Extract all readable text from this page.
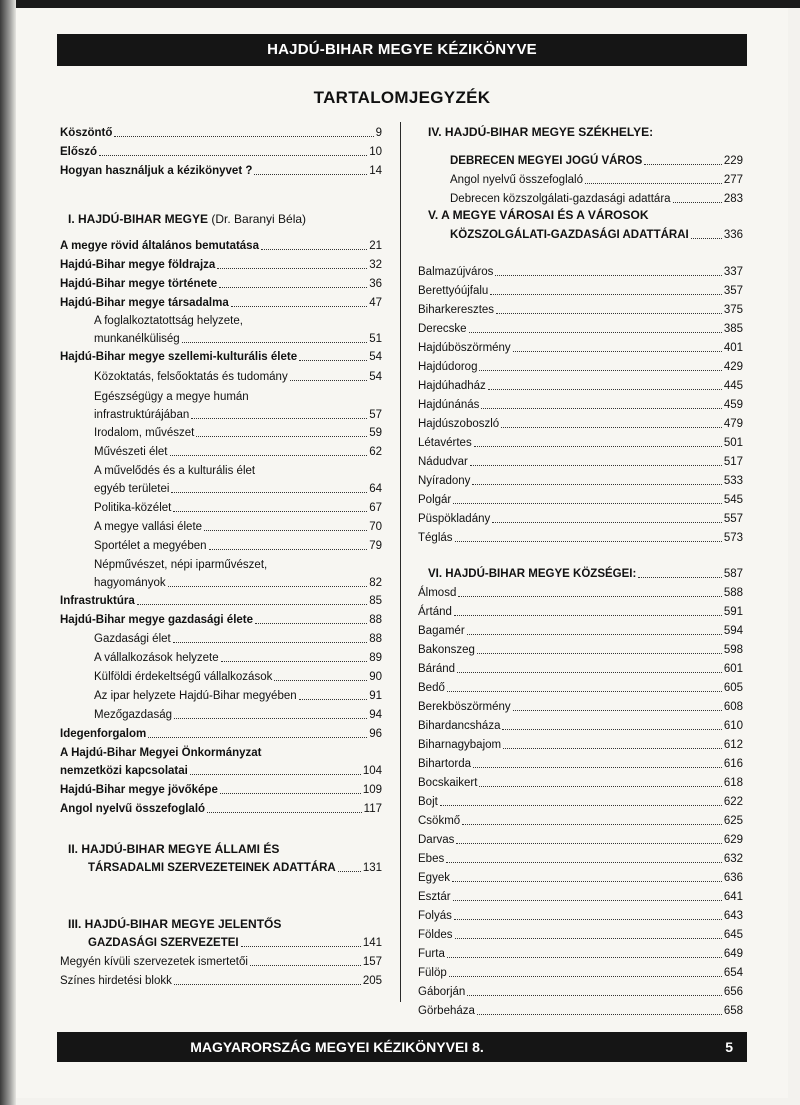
HAJDÚ-BIHAR MEGYE KÉZIKÖNYVE
TARTALOMJEGYZÉK
Köszöntő	9
Előszó	10
Hogyan használjuk a kézikönyvet ?	14
I. HAJDÚ-BIHAR MEGYE (Dr. Baranyi Béla)
A megye rövid általános bemutatása	21
Hajdú-Bihar megye földrajza	32
Hajdú-Bihar megye története	36
Hajdú-Bihar megye társadalma	47
A foglalkoztatottság helyzete,
munkanélküliség	51
Hajdú-Bihar megye szellemi-kulturális élete	54
Közoktatás, felsőoktatás és tudomány	54
Egészségügy a megye humán
infrastruktúrájában	57
Irodalom, művészet	59
Művészeti élet	62
A művelődés és a kulturális élet
egyéb területei	64
Politika-közélet	67
A megye vallási élete	70
Sportélet a megyében	79
Népművészet, népi iparművészet,
hagyományok	82
Infrastruktúra	85
Hajdú-Bihar megye gazdasági élete	88
Gazdasági élet	88
A vállalkozások helyzete	89
Külföldi érdekeltségű vállalkozások	90
Az ipar helyzete Hajdú-Bihar megyében	91
Mezőgazdaság	94
Idegenforgalom	96
A Hajdú-Bihar Megyei Önkormányzat
nemzetközi kapcsolatai	104
Hajdú-Bihar megye jövőképe	109
Angol nyelvű összefoglaló	117
II. HAJDÚ-BIHAR MEGYE ÁLLAMI ÉS
TÁRSADALMI SZERVEZETEINEK ADATTÁRA 131
III. HAJDÚ-BIHAR MEGYE JELENTŐS
GAZDASÁGI SZERVEZETEI	141
Megyén kívüli szervezetek ismertetői	157
Színes hirdetési blokk	205
IV. HAJDÚ-BIHAR MEGYE SZÉKHELYE:
DEBRECEN MEGYEI JOGÚ VÁROS	229
Angol nyelvű összefoglaló	277
Debrecen közszolgálati-gazdasági adattára	283
V. A MEGYE VÁROSAI ÉS A VÁROSOK
KÖZSZOLGÁLATI-GAZDASÁGI ADATTÁRAI	336
Balmazújváros	337
Berettyóújfalu	357
Biharkeresztes	375
Derecske	385
Hajdúböszörmény	401
Hajdúdorog	429
Hajdúhadház	445
Hajdúnánás	459
Hajdúszoboszló	479
Létavértes	501
Nádudvar	517
Nyíradony	533
Polgár	545
Püspökladány	557
Téglás	573
VI. HAJDÚ-BIHAR MEGYE KÖZSÉGEI:	587
Álmosd	588
Ártánd	591
Bagamér	594
Bakonszeg	598
Báránd	601
Bedő	605
Berekböszörmény	608
Bihardancsháza	610
Biharnagybajom	612
Bihartorda	616
Bocskaikert	618
Bojt	622
Csökmő	625
Darvas	629
Ebes	632
Egyek	636
Esztár	641
Folyás	643
Földes	645
Furta	649
Fülöp	654
Gáborján	656
Görbeháza	658
MAGYARORSZÁG MEGYEI KÉZIKÖNYVEI 8.	5
